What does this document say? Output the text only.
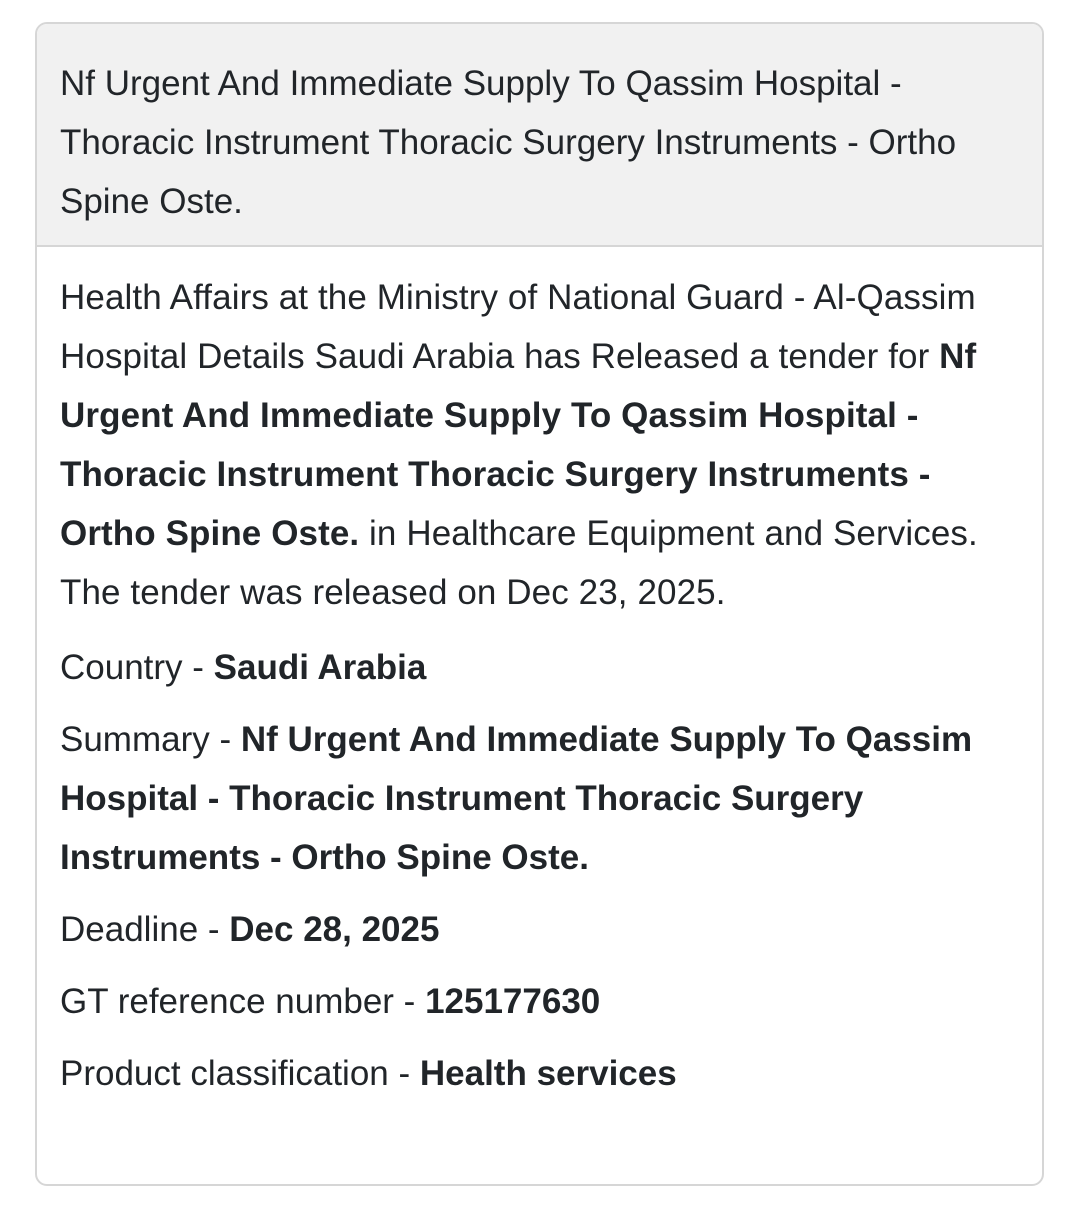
Nf Urgent And Immediate Supply To Qassim Hospital - Thoracic Instrument Thoracic Surgery Instruments - Ortho Spine Oste.

Health Affairs at the Ministry of National Guard - Al-Qassim Hospital Details Saudi Arabia has Released a tender for Nf Urgent And Immediate Supply To Qassim Hospital - Thoracic Instrument Thoracic Surgery Instruments - Ortho Spine Oste. in Healthcare Equipment and Services. The tender was released on Dec 23, 2025.

Country - Saudi Arabia

Summary - Nf Urgent And Immediate Supply To Qassim Hospital - Thoracic Instrument Thoracic Surgery Instruments - Ortho Spine Oste.

Deadline - Dec 28, 2025

GT reference number - 125177630

Product classification - Health services
